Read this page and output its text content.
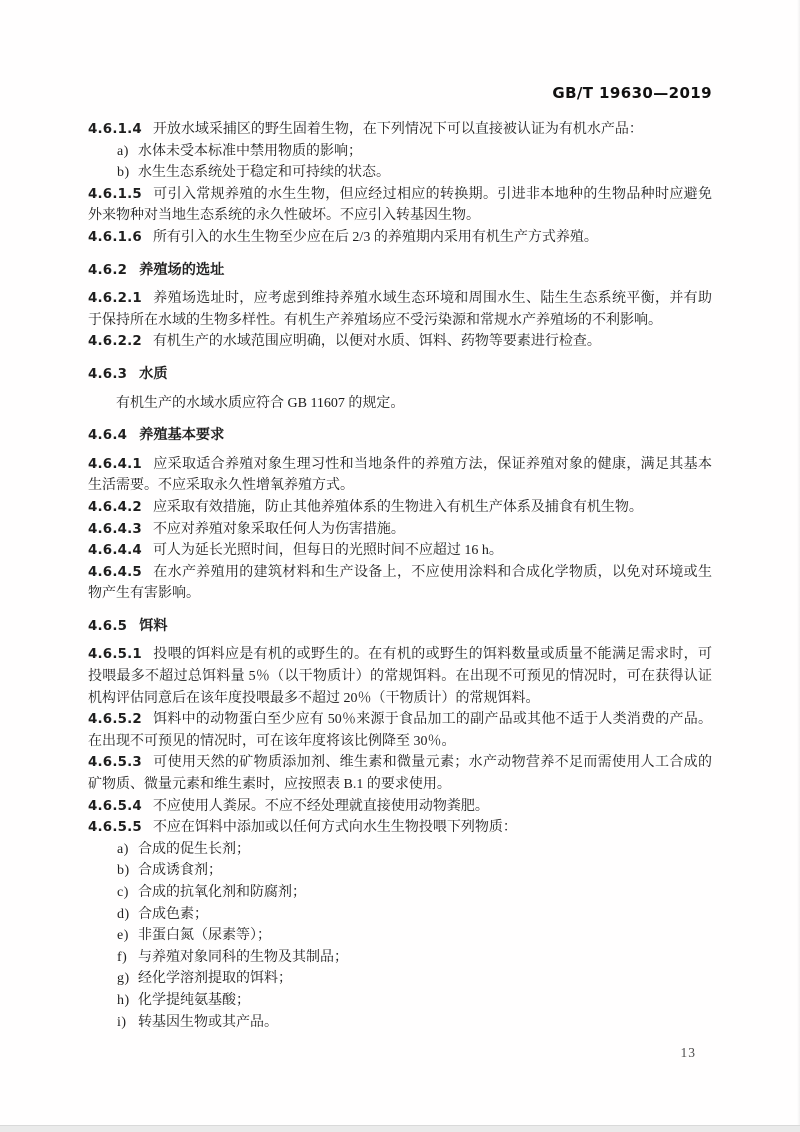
GB/T 19630—2019

4.6.1.4 开放水域采捕区的野生固着生物，在下列情况下可以直接被认证为有机水产品：

a) 水体未受本标准中禁用物质的影响；
b) 水生生态系统处于稳定和可持续的状态。

4.6.1.5 可引入常规养殖的水生生物，但应经过相应的转换期。引进非本地种的生物品种时应避免外来物种对当地生态系统的永久性破坏。不应引入转基因生物。

4.6.1.6 所有引入的水生生物至少应在后 2/3 的养殖期内采用有机生产方式养殖。

4.6.2 养殖场的选址

4.6.2.1 养殖场选址时，应考虑到维持养殖水域生态环境和周围水生、陆生生态系统平衡，并有助于保持所在水域的生物多样性。有机生产养殖场应不受污染源和常规水产养殖场的不利影响。

4.6.2.2 有机生产的水域范围应明确，以便对水质、饵料、药物等要素进行检查。

4.6.3 水质

有机生产的水域水质应符合 GB 11607 的规定。

4.6.4 养殖基本要求

4.6.4.1 应采取适合养殖对象生理习性和当地条件的养殖方法，保证养殖对象的健康，满足其基本生活需要。不应采取永久性增氧养殖方式。

4.6.4.2 应采取有效措施，防止其他养殖体系的生物进入有机生产体系及捕食有机生物。

4.6.4.3 不应对养殖对象采取任何人为伤害措施。

4.6.4.4 可人为延长光照时间，但每日的光照时间不应超过 16 h。

4.6.4.5 在水产养殖用的建筑材料和生产设备上，不应使用涂料和合成化学物质，以免对环境或生物产生有害影响。

4.6.5 饵料

4.6.5.1 投喂的饵料应是有机的或野生的。在有机的或野生的饵料数量或质量不能满足需求时，可投喂最多不超过总饵料量 5％（以干物质计）的常规饵料。在出现不可预见的情况时，可在获得认证机构评估同意后在该年度投喂最多不超过 20％（干物质计）的常规饵料。

4.6.5.2 饵料中的动物蛋白至少应有 50％来源于食品加工的副产品或其他不适于人类消费的产品。在出现不可预见的情况时，可在该年度将该比例降至 30％。

4.6.5.3 可使用天然的矿物质添加剂、维生素和微量元素；水产动物营养不足而需使用人工合成的矿物质、微量元素和维生素时，应按照表 B.1 的要求使用。

4.6.5.4 不应使用人粪尿。不应不经处理就直接使用动物粪肥。

4.6.5.5 不应在饵料中添加或以任何方式向水生生物投喂下列物质：

a) 合成的促生长剂；
b) 合成诱食剂；
c) 合成的抗氧化剂和防腐剂；
d) 合成色素；
e) 非蛋白氮（尿素等）；
f) 与养殖对象同科的生物及其制品；
g) 经化学溶剂提取的饵料；
h) 化学提纯氨基酸；
i) 转基因生物或其产品。
13
